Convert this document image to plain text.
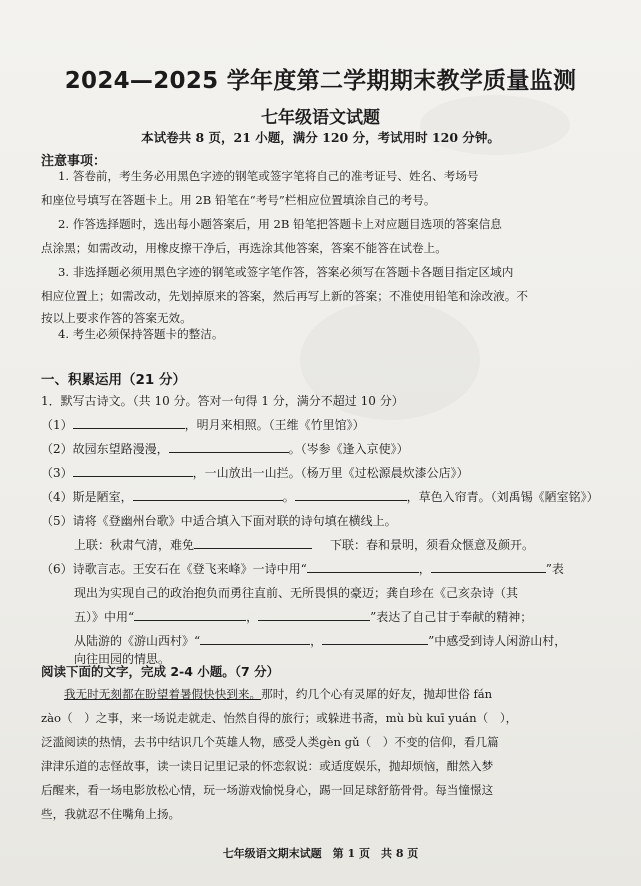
2024—2025 学年度第二学期期末教学质量监测
七年级语文试题
本试卷共 8 页，21 小题，满分 120 分，考试用时 120 分钟。
注意事项：
1. 答卷前，考生务必用黑色字迹的钢笔或签字笔将自己的准考证号、姓名、考场号
和座位号填写在答题卡上。用 2B 铅笔在“考号”栏相应位置填涂自己的考号。
2. 作答选择题时，选出每小题答案后，用 2B 铅笔把答题卡上对应题目选项的答案信息
点涂黑；如需改动，用橡皮擦干净后，再选涂其他答案，答案不能答在试卷上。
3. 非选择题必须用黑色字迹的钢笔或签字笔作答，答案必须写在答题卡各题目指定区域内
相应位置上；如需改动，先划掉原来的答案，然后再写上新的答案；不准使用铅笔和涂改液。不
按以上要求作答的答案无效。
4. 考生必须保持答题卡的整洁。
一、积累运用（21 分）
1．默写古诗文。（共 10 分。答对一句得 1 分，满分不超过 10 分）
（1）	，明月来相照。（王维《竹里馆》）
（2）故园东望路漫漫，	。（岑参《逢入京使》）
（3）	，一山放出一山拦。（杨万里《过松源晨炊漆公店》）
（4）斯是陋室，	。	，草色入帘青。（刘禹锡《陋室铭》）
（5）请将《登幽州台歌》中适合填入下面对联的诗句填在横线上。
上联：秋肃气清，难免	下联：春和景明，须看众惬意及颜开。
（6）诗歌言志。王安石在《登飞来峰》一诗中用“	，	”表
现出为实现自己的政治抱负而勇往直前、无所畏惧的豪迈；龚自珍在《己亥杂诗（其
五）》中用“	，	”表达了自己甘于奉献的精神；
从陆游的《游山西村》“	，	”中感受到诗人闲游山村，
向往田园的情思。
阅读下面的文字，完成 2-4 小题。（7 分）
我无时无刻都在盼望着暑假快快到来。那时，约几个心有灵犀的好友，抛却世俗 fán
zào（　）之事，来一场说走就走、怡然自得的旅行；或躲进书斋，mù bù kuī yuán（　），
泛滥阅读的热情，去书中结识几个英雄人物，感受人类gèn gǔ（　）不变的信仰，看几篇
津津乐道的志怪故事，读一读日记里记录的怀恋叙说：或适度娱乐，抛却烦恼，酣然入梦
后醒来，看一场电影放松心情，玩一场游戏愉悦身心，踢一回足球舒筋骨骨。每当憧憬这
些，我就忍不住嘴角上扬。
七年级语文期末试题　第 1 页　共 8 页
